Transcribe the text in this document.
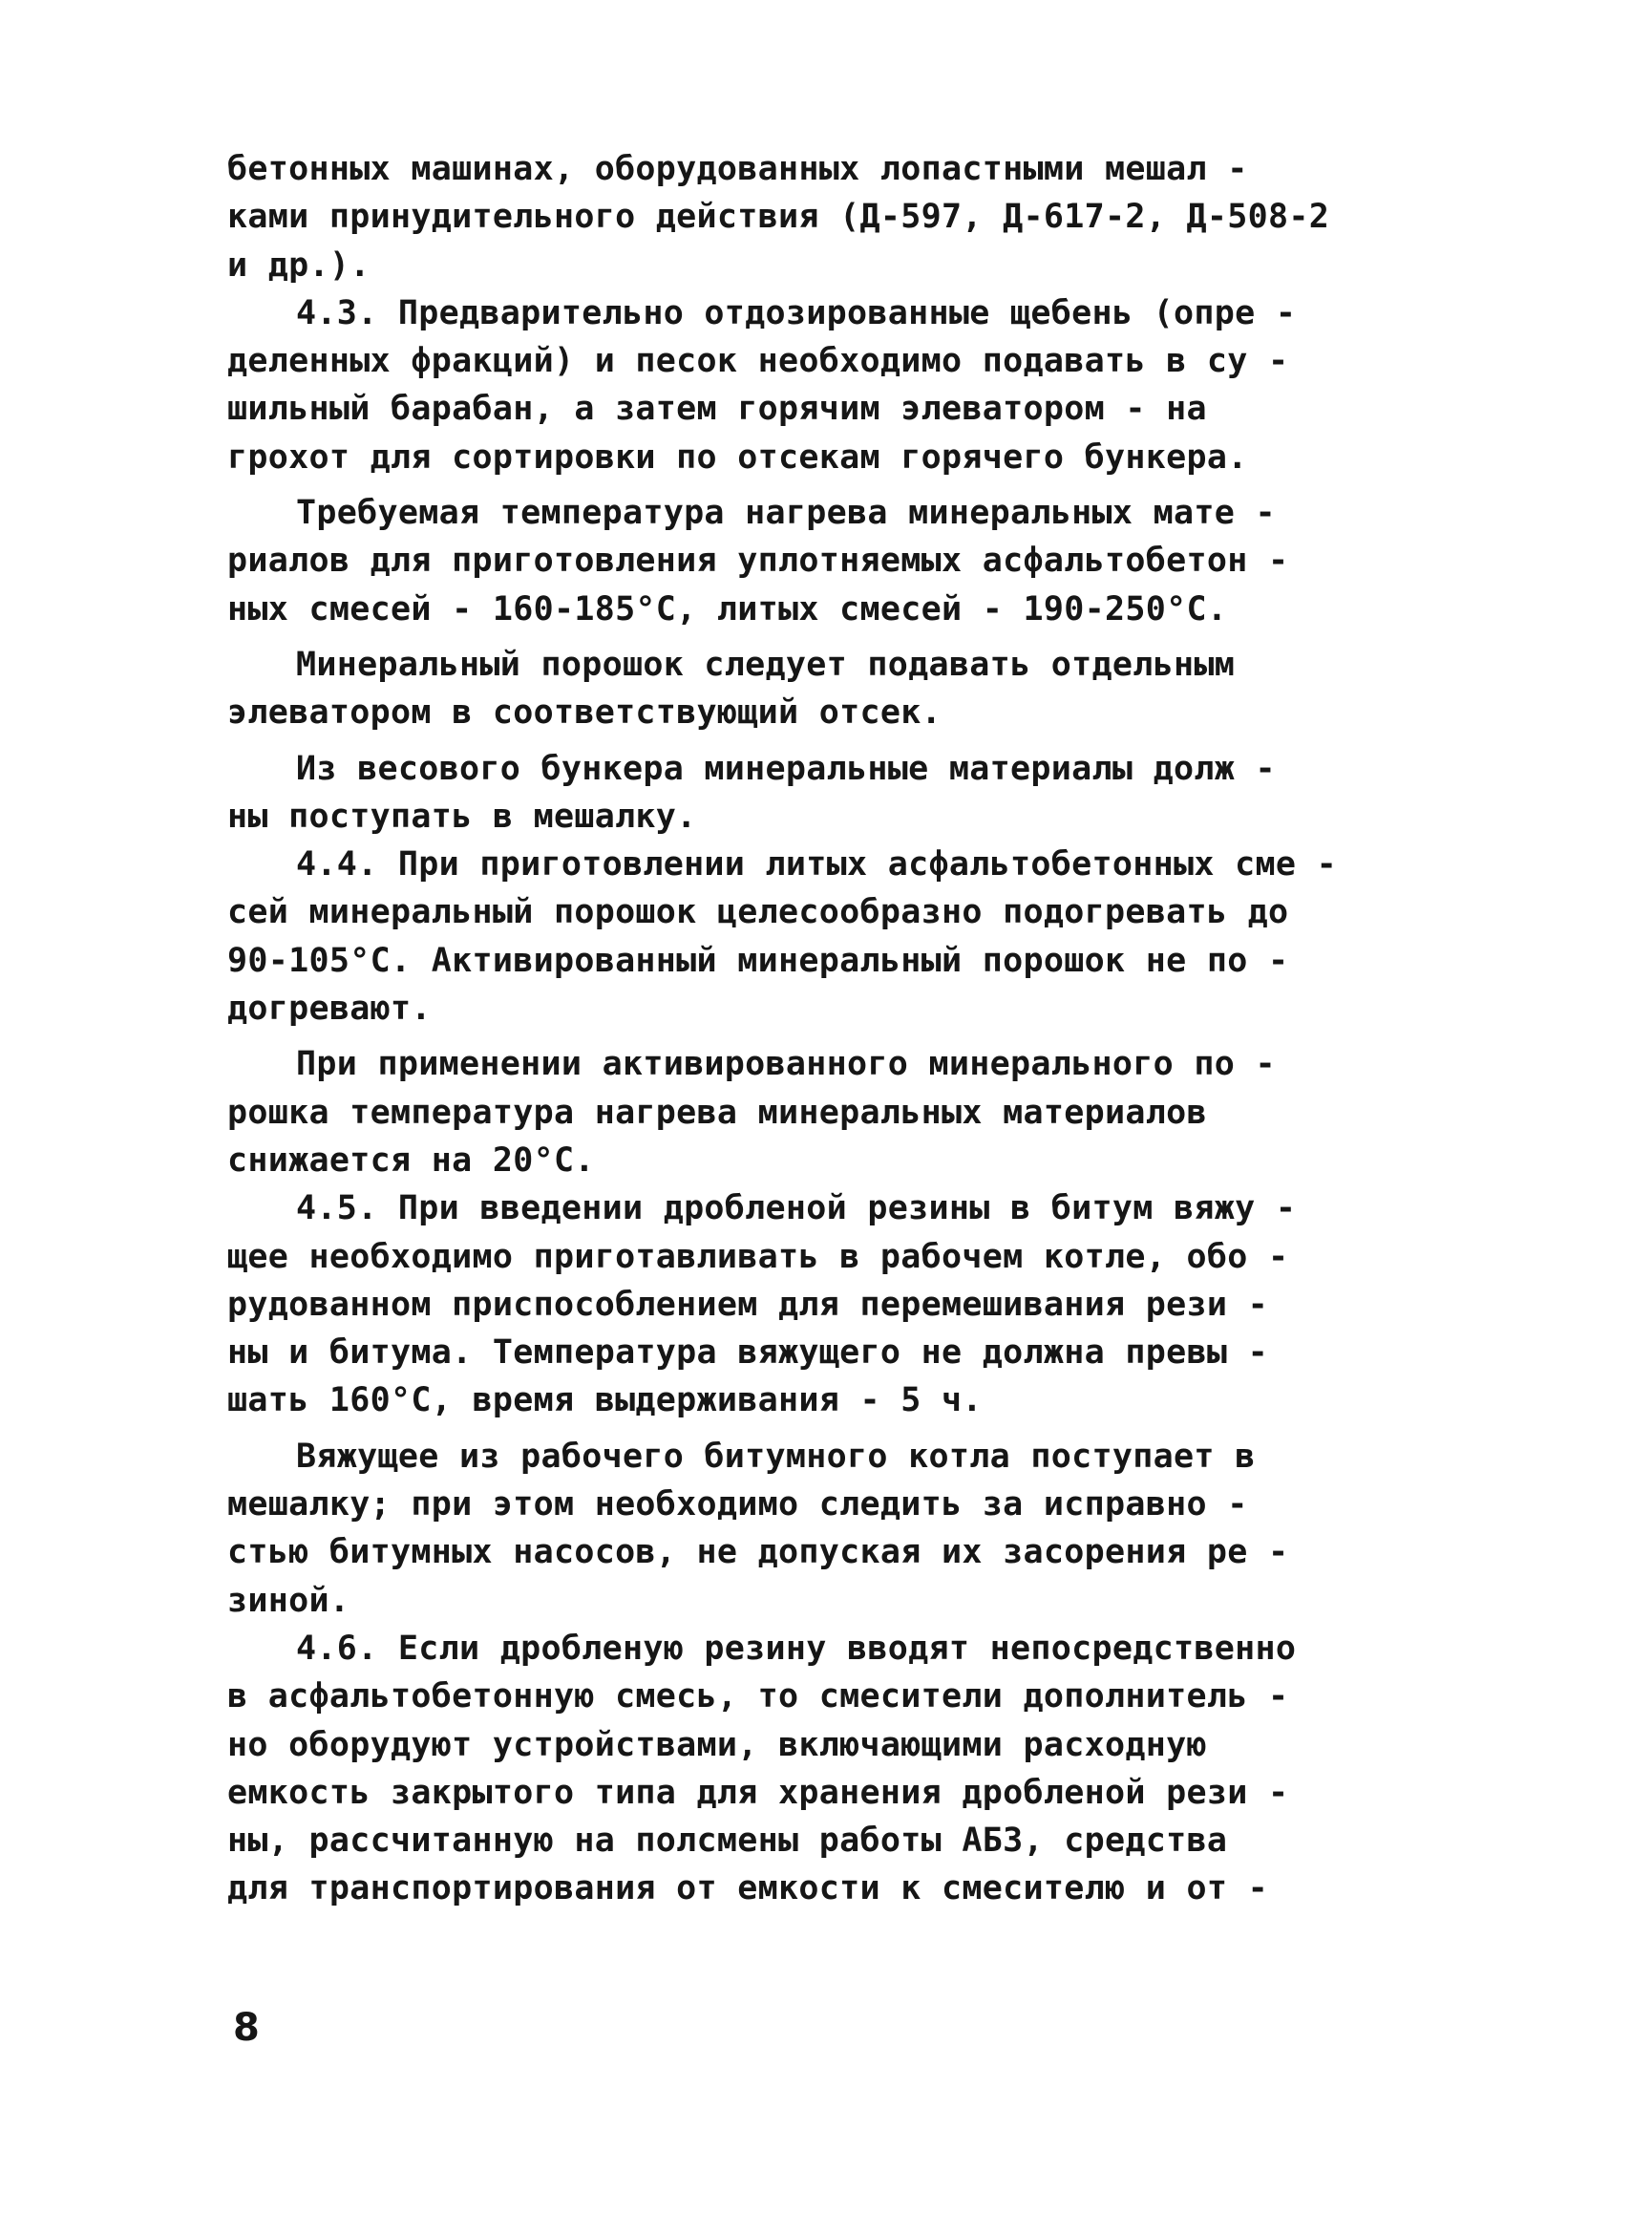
бетонных машинах, оборудованных лопастными мешал -
ками принудительного действия (Д-597, Д-617-2, Д-508-2
и др.).
4.3. Предварительно отдозированные щебень (опре -
деленных фракций) и песок необходимо подавать в су -
шильный барабан, а затем горячим элеватором - на
грохот для сортировки по отсекам горячего бункера.
Требуемая температура нагрева минеральных мате -
риалов для приготовления уплотняемых асфальтобетон -
ных смесей - 160-185°С, литых смесей - 190-250°С.
Минеральный порошок следует подавать отдельным
элеватором в соответствующий отсек.
Из весового бункера минеральные материалы долж -
ны поступать в мешалку.
4.4. При приготовлении литых асфальтобетонных сме -
сей минеральный порошок целесообразно подогревать до
90-105°С. Активированный минеральный порошок не по -
догревают.
При применении активированного минерального по -
рошка температура нагрева минеральных материалов
снижается на 20°С.
4.5. При введении дробленой резины в битум вяжу -
щее необходимо приготавливать в рабочем котле, обо -
рудованном приспособлением для перемешивания рези -
ны и битума. Температура вяжущего не должна превы -
шать 160°С, время выдерживания - 5 ч.
Вяжущее из рабочего битумного котла поступает в
мешалку; при этом необходимо следить за исправно -
стью битумных насосов, не допуская их засорения ре -
зиной.
4.6. Если дробленую резину вводят непосредственно
в асфальтобетонную смесь, то смесители дополнитель -
но оборудуют устройствами, включающими расходную
емкость закрытого типа для хранения дробленой рези -
ны, рассчитанную на полсмены работы АБЗ, средства
для транспортирования от емкости к смесителю и от -
8
